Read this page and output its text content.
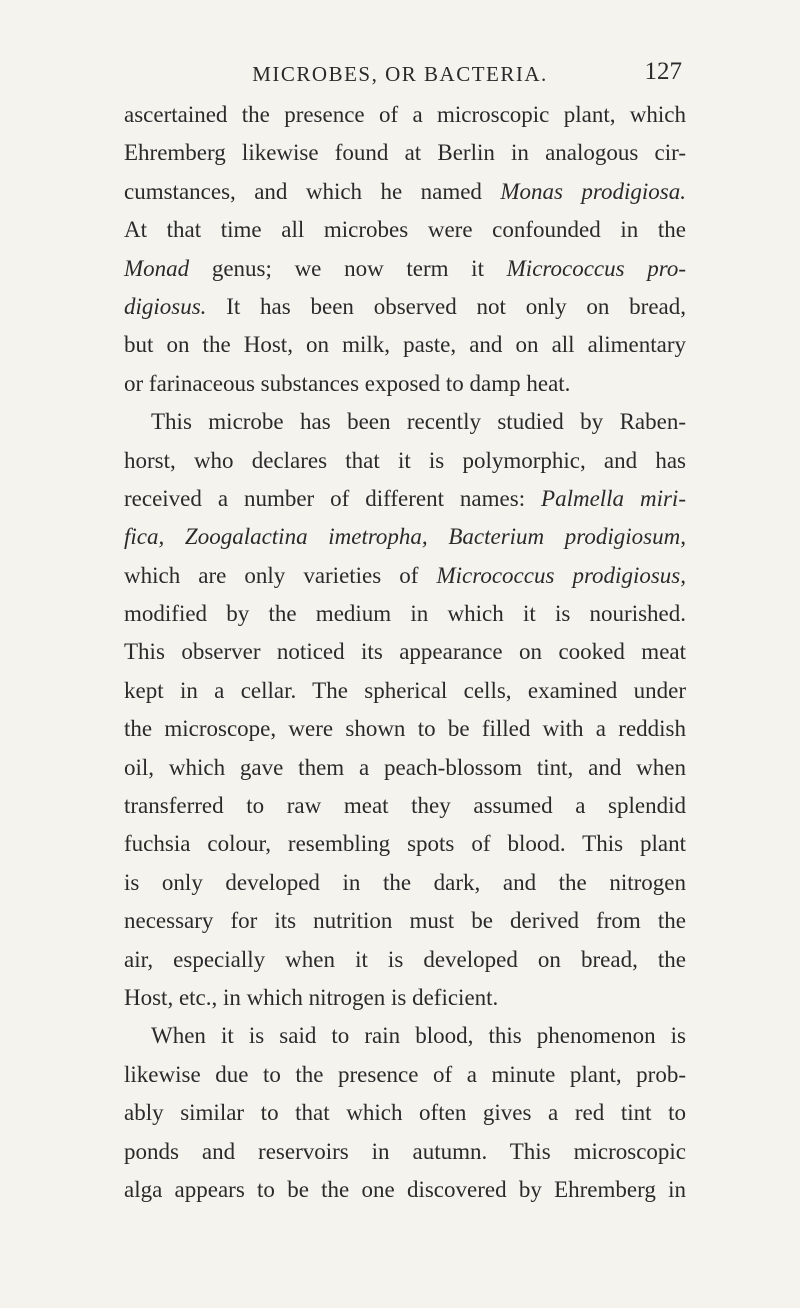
MICROBES, OR BACTERIA.	127
ascertained the presence of a microscopic plant, which
Ehremberg likewise found at Berlin in analogous cir-
cumstances, and which he named Monas prodigiosa.
At that time all microbes were confounded in the
Monad genus; we now term it Micrococcus pro-
digiosus. It has been observed not only on bread,
but on the Host, on milk, paste, and on all alimentary
or farinaceous substances exposed to damp heat.
This microbe has been recently studied by Raben-
horst, who declares that it is polymorphic, and has
received a number of different names: Palmella miri-
fica, Zoogalactina imetropha, Bacterium prodigiosum,
which are only varieties of Micrococcus prodigiosus,
modified by the medium in which it is nourished.
This observer noticed its appearance on cooked meat
kept in a cellar. The spherical cells, examined under
the microscope, were shown to be filled with a reddish
oil, which gave them a peach-blossom tint, and when
transferred to raw meat they assumed a splendid
fuchsia colour, resembling spots of blood. This plant
is only developed in the dark, and the nitrogen
necessary for its nutrition must be derived from the
air, especially when it is developed on bread, the
Host, etc., in which nitrogen is deficient.
When it is said to rain blood, this phenomenon is
likewise due to the presence of a minute plant, prob-
ably similar to that which often gives a red tint to
ponds and reservoirs in autumn. This microscopic
alga appears to be the one discovered by Ehremberg in
